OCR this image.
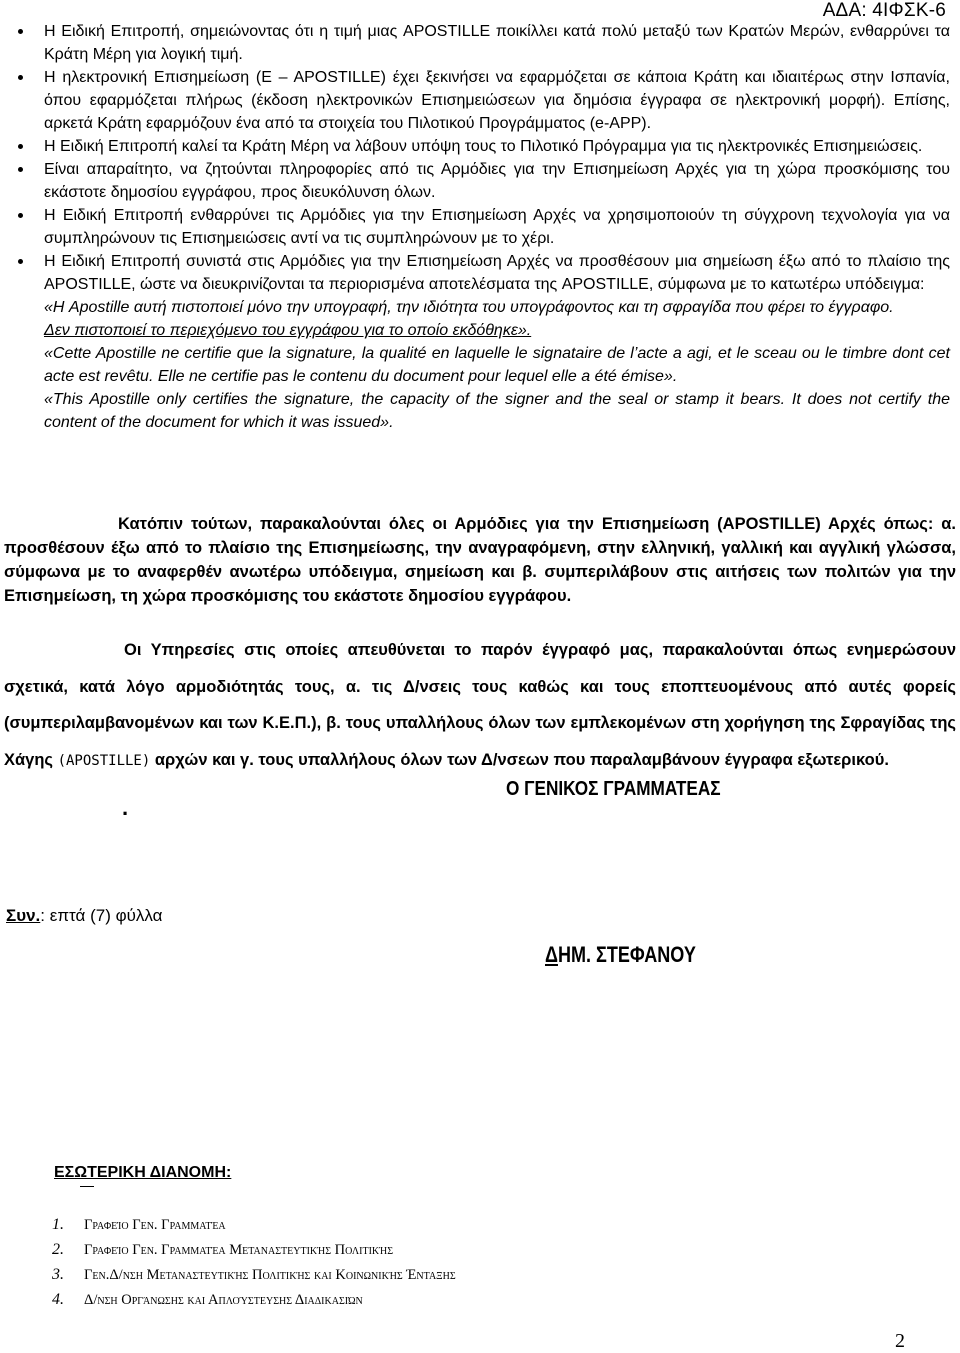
ΑΔΑ: 4ΙΦΣΚ-6
Η Ειδική Επιτροπή, σημειώνοντας ότι η τιμή μιας APOSTILLE ποικίλλει κατά πολύ μεταξύ των Κρατών Μερών, ενθαρρύνει τα Κράτη Μέρη για λογική τιμή.
Η ηλεκτρονική Επισημείωση (E – APOSTILLE) έχει ξεκινήσει να εφαρμόζεται σε κάποια Κράτη και ιδιαιτέρως στην Ισπανία, όπου εφαρμόζεται πλήρως (έκδοση ηλεκτρονικών Επισημειώσεων για δημόσια έγγραφα σε ηλεκτρονική μορφή). Επίσης, αρκετά Κράτη εφαρμόζουν ένα από τα στοιχεία του Πιλοτικού Προγράμματος (e-APP).
Η Ειδική Επιτροπή καλεί τα Κράτη Μέρη να λάβουν υπόψη τους το Πιλοτικό Πρόγραμμα για τις ηλεκτρονικές Επισημειώσεις.
Είναι απαραίτητο, να ζητούνται πληροφορίες από τις Αρμόδιες για την Επισημείωση Αρχές για τη χώρα προσκόμισης του εκάστοτε δημοσίου εγγράφου, προς διευκόλυνση όλων.
Η Ειδική Επιτροπή ενθαρρύνει τις Αρμόδιες για την Επισημείωση Αρχές να χρησιμοποιούν τη σύγχρονη τεχνολογία για να συμπληρώνουν τις Επισημειώσεις αντί να τις συμπληρώνουν με το χέρι.
Η Ειδική Επιτροπή συνιστά στις Αρμόδιες για την Επισημείωση Αρχές να προσθέσουν μια σημείωση έξω από το πλαίσιο της APOSTILLE, ώστε να διευκρινίζονται τα περιορισμένα αποτελέσματα της APOSTILLE, σύμφωνα με το κατωτέρω υπόδειγμα:
«Η Apostille αυτή πιστοποιεί μόνο την υπογραφή, την ιδιότητα του υπογράφοντος και τη σφραγίδα που φέρει το έγγραφο.
Δεν πιστοποιεί το περιεχόμενο του εγγράφου για το οποίο εκδόθηκε».
«Cette Apostille ne certifie que la signature, la qualité en laquelle le signataire de l’acte a agi, et le sceau ou le timbre dont cet acte est revêtu. Elle ne certifie pas le contenu du document pour lequel elle a été émise».
«This Apostille only certifies the signature, the capacity of the signer and the seal or stamp it bears. It does not certify the content of the document for which it was issued».
Κατόπιν τούτων, παρακαλούνται όλες οι Αρμόδιες για την Επισημείωση (APOSTILLE) Αρχές όπως: α. προσθέσουν έξω από το πλαίσιο της Επισημείωσης, την αναγραφόμενη, στην ελληνική, γαλλική και αγγλική γλώσσα, σύμφωνα με το αναφερθέν ανωτέρω υπόδειγμα, σημείωση και β. συμπεριλάβουν στις αιτήσεις των πολιτών για την Επισημείωση, τη χώρα προσκόμισης του εκάστοτε δημοσίου εγγράφου.
Οι Υπηρεσίες στις οποίες απευθύνεται το παρόν έγγραφό μας, παρακαλούνται όπως ενημερώσουν σχετικά, κατά λόγο αρμοδιότητάς τους, α. τις Δ/νσεις τους καθώς και τους εποπτευομένους από αυτές φορείς (συμπεριλαμβανομένων και των Κ.Ε.Π.), β. τους υπαλλήλους όλων των εμπλεκομένων στη χορήγηση της Σφραγίδας της Χάγης (APOSTILLE) αρχών και γ. τους υπαλλήλους όλων των Δ/νσεων που παραλαμβάνουν έγγραφα εξωτερικού.
.
Ο ΓΕΝΙΚΟΣ ΓΡΑΜΜΑΤΕΑΣ
Συν.: επτά (7) φύλλα
ΔΗΜ. ΣΤΕΦΑΝΟΥ
ΕΣΩΤΕΡΙΚΗ ΔΙΑΝΟΜΗ:
1. Γραφείο Γεν. Γραμματέα
2. Γραφείο Γεν. Γραμματέα Μεταναστευτικής Πολιτικής
3. Γεν.Δ/νση Μεταναστευτικής Πολιτικής και Κοινωνικής Ένταξης
4. Δ/νση Οργάνωσης και Απλούστευσης Διαδικασιών
2
